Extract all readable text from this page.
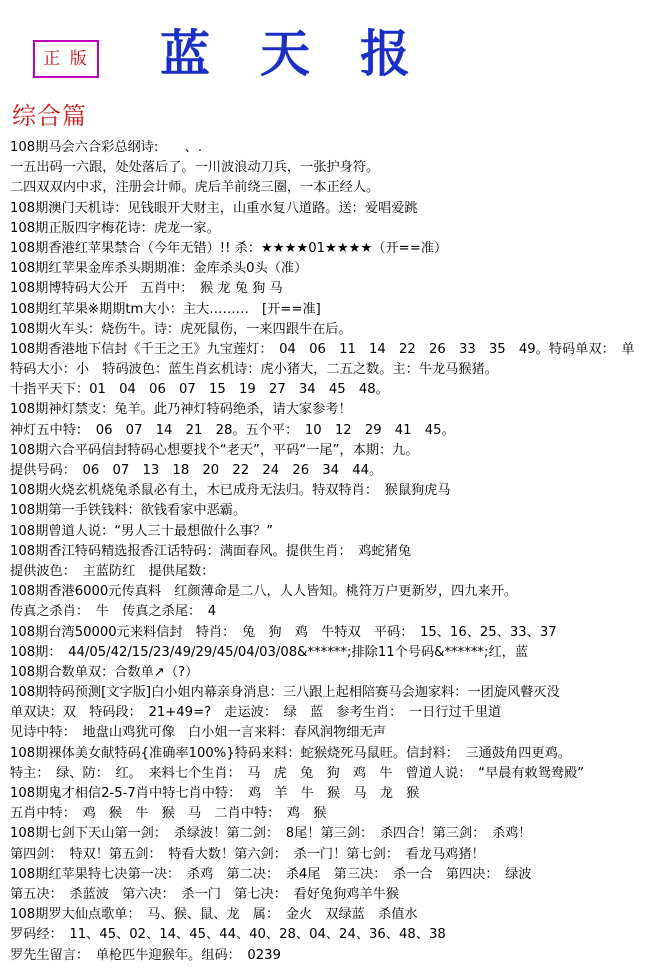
正 版 蓝天报
综合篇
108期马会六合彩总纲诗:　　、.
一五出码一六跟，处处落后了。一川波浪动刀兵，一张护身符。
二四双双内中求，注册会计师。虎后羊前绕三圈，一本正经人。
108期澳门天机诗：见钱眼开大财主，山重水复八道路。送：爱唱爱跳
108期正版四字梅花诗：虎龙一家。
108期香港红苹果禁合（今年无错）!! 杀：★★★★01★★★★（开==准）
108期红苹果金库杀头期期准：金库杀头0头（准）
108期博特码大公开　五肖中：　猴 龙 兔 狗 马
108期红苹果※期期tm大小：主大………　[开==准]
108期火车头：烧伤牛。诗：虎死鼠伤，一来四跟牛在后。
108期香港地下信封《千王之王》九宝莲灯：　04　06　11　14　22　26　33　35　49。特码单双：　单
特码大小：小　特码波色：蓝生肖玄机诗：虎小猪大，二五之数。主：牛龙马猴猪。
十指平天下：01　04　06　07　15　19　27　34　45　48。
108期神灯禁支：兔羊。此乃神灯特码绝杀，请大家参考！
神灯五中特：　06　07　14　21　28。五个平：　10　12　29　41　45。
108期六合平码信封特码心想要找个“老天”，平码“一尾”，本期：九。
提供号码：　06　07　13　18　20　22　24　26　34　44。
108期火烧玄机烧兔杀鼠必有土，木已成舟无法归。特双特肖：　猴鼠狗虎马
108期第一手铁钱料：欲钱看家中恶霸。
108期曾道人说：“男人三十最想做什么事？”
108期香江特码精选报香江话特码：满面春风。提供生肖：　鸡蛇猪兔
提供波色：　主蓝防红　提供尾数：
108期香港6000元传真料　红颜薄命是二八，人人皆知。桃符万户更新岁，四九来开。
传真之杀肖：　牛　传真之杀尾：　4
108期台湾50000元来料信封　特肖：　兔　狗　鸡　牛特双　平码：　15、16、25、33、37
108期：　44/05/42/15/23/49/29/45/04/03/08&******;排除11个号码&******;红，蓝
108期合数单双：合数单↗（?）
108期特码预测[文字版]白小姐内幕亲身消息：三八跟上起相陪赛马会迦家料：一团旋风瞽灭没
单双诀：双　特码段：　21+49=?　走运波：　绿　蓝　参考生肖：　一日行过千里道
见诗中特：　地盘山鸡犹可像　白小姐一言来料：春风润物细无声
108期裸体美女献特码{准确率100%}特码来料：蛇猴烧死马鼠旺。信封料：　三通鼓角四更鸡。
特主：　绿、防：　红。　来料七个生肖：　马　虎　兔　狗　鸡　牛　曾道人说：　“早晨有敕鸳鸯殿”
108期鬼才相信2-5-7肖中特七肖中特：　鸡　羊　牛　猴　马　龙　猴
五肖中特：　鸡　猴　牛　猴　马　二肖中特：　鸡　猴
108期七剑下天山第一剑：　杀绿波！第二剑：　8尾！第三剑：　杀四合！第三剑：　杀鸡！
第四剑：　特双！第五剑：　特看大数！第六剑：　杀一门！第七剑：　看龙马鸡猪！
108期红苹果特七决第一决：　杀鸡　第二决：　杀4尾　第三决：　杀一合　第四决：　绿波
第五决：　杀蓝波　第六决：　杀一门　第七决：　看好兔狗鸡羊牛猴
108期罗大仙点歌单：　马、猴、鼠、龙　属：　金火　双绿蓝　杀值水
罗码经：　11、45、02、14、45、44、40、28、04、24、36、48、38
罗先生留言：　单枪匹牛迎猴年。组码：　0239
